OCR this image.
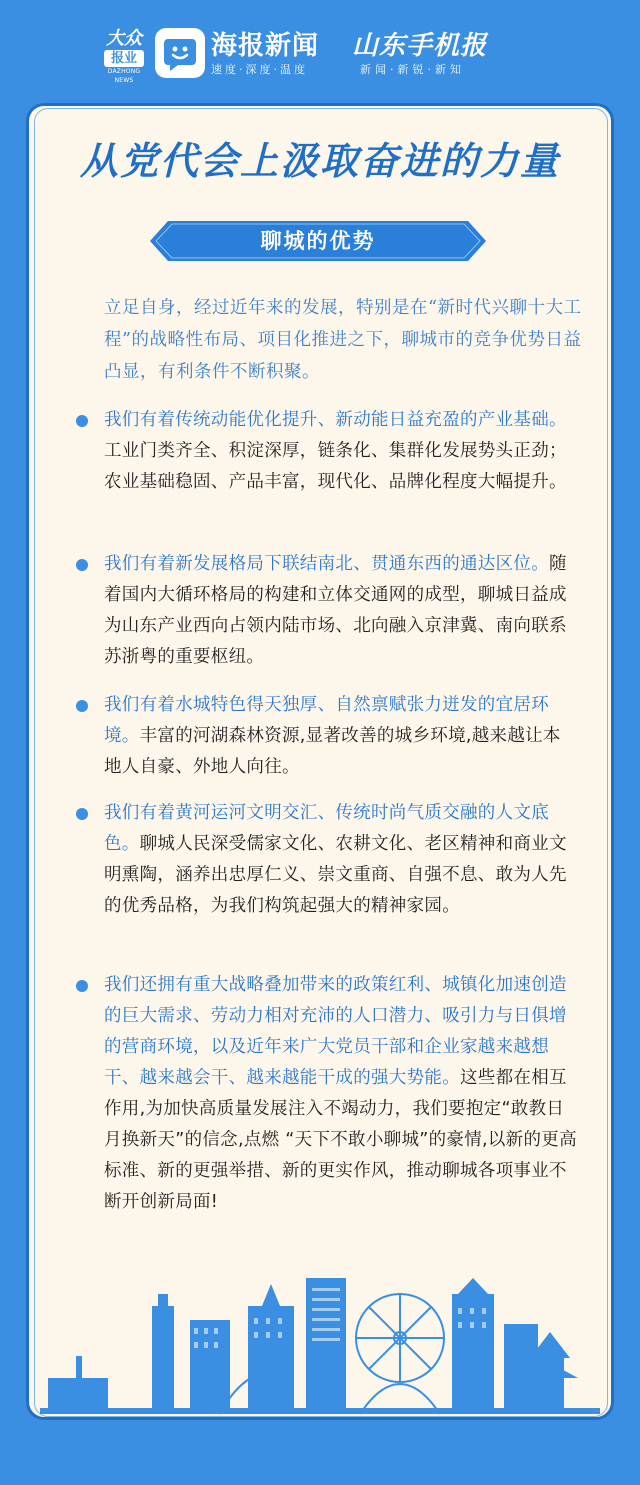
大众
报业
DAZHONG NEWS
海报新闻
速度·深度·温度
山东手机报
新闻·新锐·新知
从党代会上汲取奋进的力量
聊城的优势
立足自身，经过近年来的发展，特别是在“新时代兴聊十大工程”的战略性布局、项目化推进之下，聊城市的竞争优势日益凸显，有利条件不断积聚。
我们有着传统动能优化提升、新动能日益充盈的产业基础。工业门类齐全、积淀深厚，链条化、集群化发展势头正劲；农业基础稳固、产品丰富，现代化、品牌化程度大幅提升。
我们有着新发展格局下联结南北、贯通东西的通达区位。随着国内大循环格局的构建和立体交通网的成型，聊城日益成为山东产业西向占领内陆市场、北向融入京津冀、南向联系苏浙粤的重要枢纽。
我们有着水城特色得天独厚、自然禀赋张力迸发的宜居环境。丰富的河湖森林资源,显著改善的城乡环境,越来越让本地人自豪、外地人向往。
我们有着黄河运河文明交汇、传统时尚气质交融的人文底色。聊城人民深受儒家文化、农耕文化、老区精神和商业文明熏陶，涵养出忠厚仁义、崇文重商、自强不息、敢为人先的优秀品格，为我们构筑起强大的精神家园。
我们还拥有重大战略叠加带来的政策红利、城镇化加速创造的巨大需求、劳动力相对充沛的人口潜力、吸引力与日俱增的营商环境，以及近年来广大党员干部和企业家越来越想干、越来越会干、越来越能干成的强大势能。这些都在相互作用,为加快高质量发展注入不竭动力，我们要抱定“敢教日月换新天”的信念,点燃 “天下不敢小聊城”的豪情,以新的更高标准、新的更强举措、新的更实作风，推动聊城各项事业不断开创新局面!
